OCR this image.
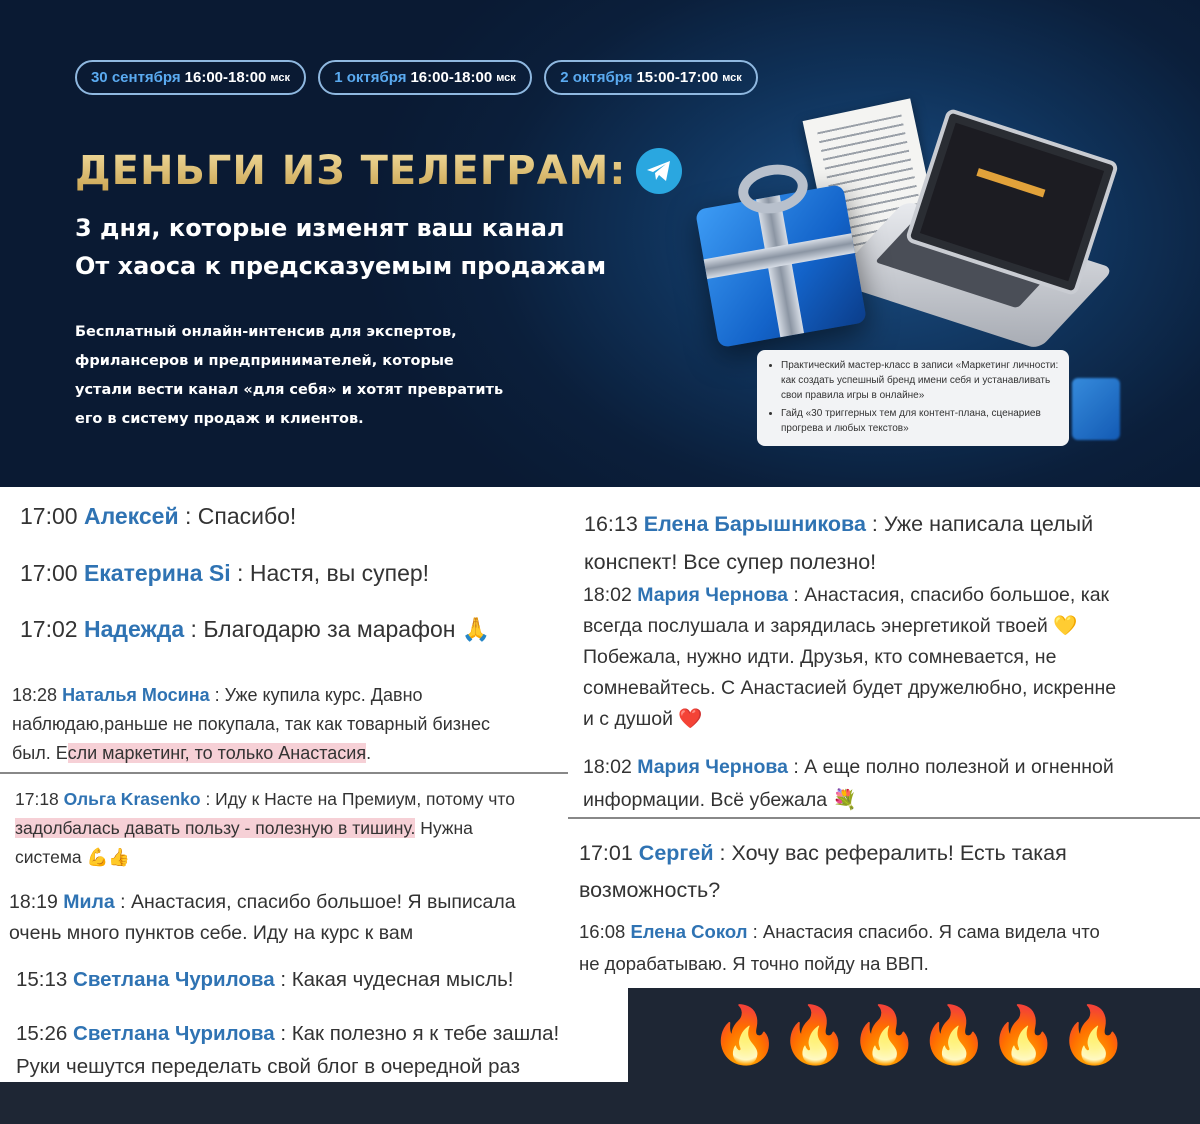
30 сентября 16:00-18:00 мск	1 октября 16:00-18:00 мск	2 октября 15:00-17:00 мск
ДЕНЬГИ ИЗ ТЕЛЕГРАМ:
3 дня, которые изменят ваш канал
От хаоса к предсказуемым продажам
Бесплатный онлайн-интенсив для экспертов, фрилансеров и предпринимателей, которые устали вести канал «для себя» и хотят превратить его в систему продаж и клиентов.
• Практический мастер-класс в записи «Маркетинг личности: как создать успешный бренд имени себя и устанавливать свои правила игры в онлайне»
• Гайд «30 триггерных тем для контент-плана, сценариев прогрева и любых текстов»
17:00 Алексей : Спасибо!
17:00 Екатерина Si : Настя, вы супер!
17:02 Надежда : Благодарю за марафон 🙏
18:28 Наталья Мосина : Уже купила курс. Давно
наблюдаю,раньше не покупала, так как товарный бизнес
был. Если маркетинг, то только Анастасия.
17:18 Ольга Krasenko : Иду к Насте на Премиум, потому что
задолбалась давать пользу - полезную в тишину. Нужна
система 💪👍
18:19 Мила : Анастасия, спасибо большое! Я выписала
очень много пунктов себе. Иду на курс к вам
15:13 Светлана Чурилова : Какая чудесная мысль!
15:26 Светлана Чурилова : Как полезно я к тебе зашла!
Руки чешутся переделать свой блог в очередной раз
16:13 Елена Барышникова : Уже написала целый
конспект! Все супер полезно!
18:02 Мария Чернова : Анастасия, спасибо большое, как
всегда послушала и зарядилась энергетикой твоей 💛
Побежала, нужно идти. Друзья, кто сомневается, не
сомневайтесь. С Анастасией будет дружелюбно, искренне
и с душой ❤️
18:02 Мария Чернова : А еще полно полезной и огненной
информации. Всё убежала 💐
17:01 Сергей : Хочу вас рефералить! Есть такая
возможность?
16:08 Елена Сокол : Анастасия спасибо. Я сама видела что
не дорабатываю. Я точно пойду на ВВП.
🔥🔥🔥🔥🔥🔥
